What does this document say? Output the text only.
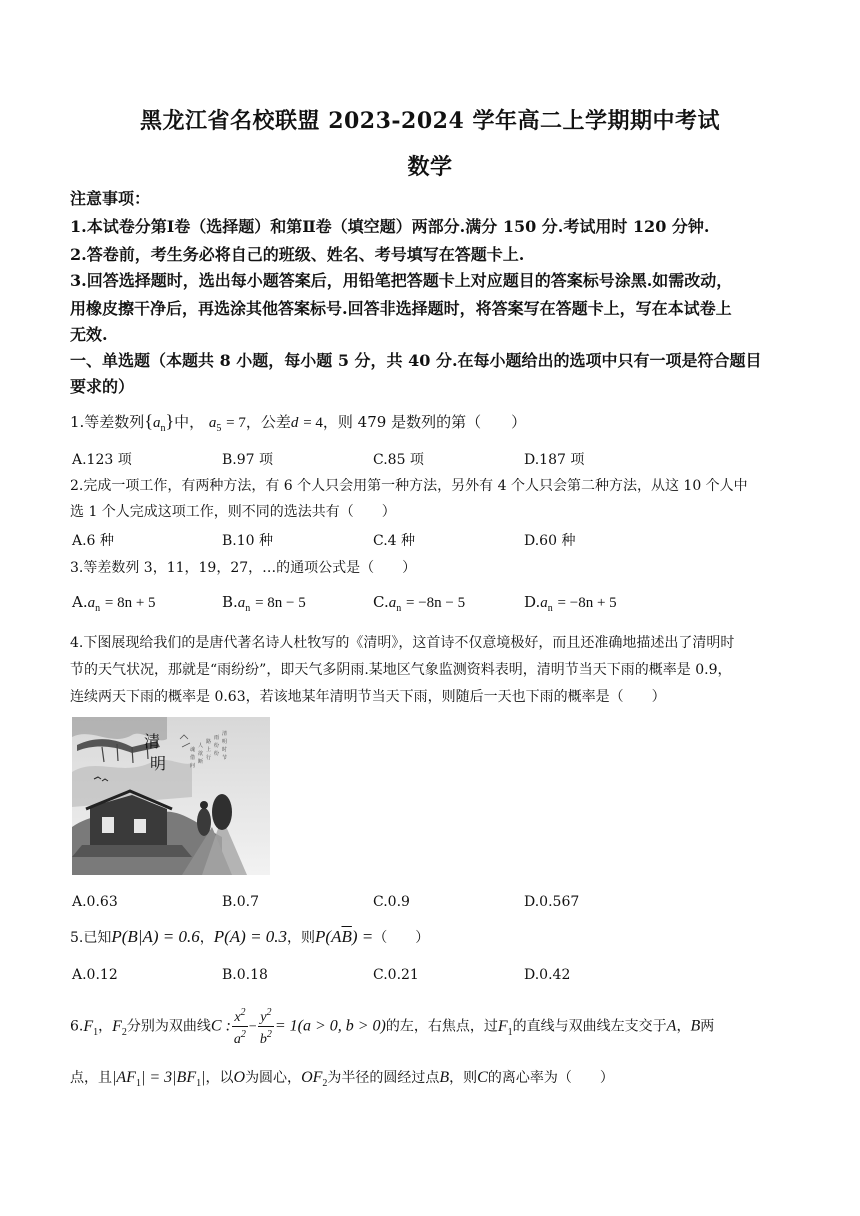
黑龙江省名校联盟 2023-2024 学年高二上学期期中考试
数学
注意事项：
1.本试卷分第Ⅰ卷（选择题）和第Ⅱ卷（填空题）两部分.满分 150 分.考试用时 120 分钟.
2.答卷前，考生务必将自己的班级、姓名、考号填写在答题卡上.
3.回答选择题时，选出每小题答案后，用铅笔把答题卡上对应题目的答案标号涂黑.如需改动，
用橡皮擦干净后，再选涂其他答案标号.回答非选择题时，将答案写在答题卡上，写在本试卷上
无效.
一、单选题（本题共 8 小题，每小题 5 分，共 40 分.在每小题给出的选项中只有一项是符合题目
要求的）
1.等差数列$\{a_n\}$中， $a_5 = 7$，公差d = 4，则 479 是数列的第（　　）
A.123 项	B.97 项	C.85 项	D.187 项
2.完成一项工作，有两种方法，有 6 个人只会用第一种方法，另外有 4 个人只会第二种方法，从这 10 个人中
选 1 个人完成这项工作，则不同的选法共有（　　）
A.6 种	B.10 种	C.4 种	D.60 种
3.等差数列 3，11，19，27，…的通项公式是（　　）
$A.a_n = 8n + 5$	$B.a_n = 8n - 5$	$C.a_n = -8n - 5$	$D.a_n = -8n + 5$
4.下图展现给我们的是唐代著名诗人杜牧写的《清明》，这首诗不仅意境极好，而且还准确地描述出了清明时
节的天气状况，那就是“雨纷纷”，即天气多阴雨.某地区气象监测资料表明，清明节当天下雨的概率是 0.9，
连续两天下雨的概率是 0.63，若该地某年清明节当天下雨，则随后一天也下雨的概率是（　　）
清
明
时
节
雨
纷
纷
路
上
行
人
欲
断
魂
借
问
清
明
A.0.63	B.0.7	C.0.9	D.0.567
5.已知P(B|A) = 0.6，P(A) = 0.3，则$P(A\overline{B})$ =（　　）
A.0.12	B.0.18	C.0.21	D.0.42
$6.F_1$，$F_2$分别为双曲线C : $\frac{x^2}{a^2} - \frac{y^2}{b^2} = 1(a > 0$, b > 0)的左，右焦点，过$F_1$的直线与双曲线左支交于A，B两
点，且$|AF_1| = 3|BF_1|$，以O为圆心，$OF_2$为半径的圆经过点B，则C的离心率为（　　）
